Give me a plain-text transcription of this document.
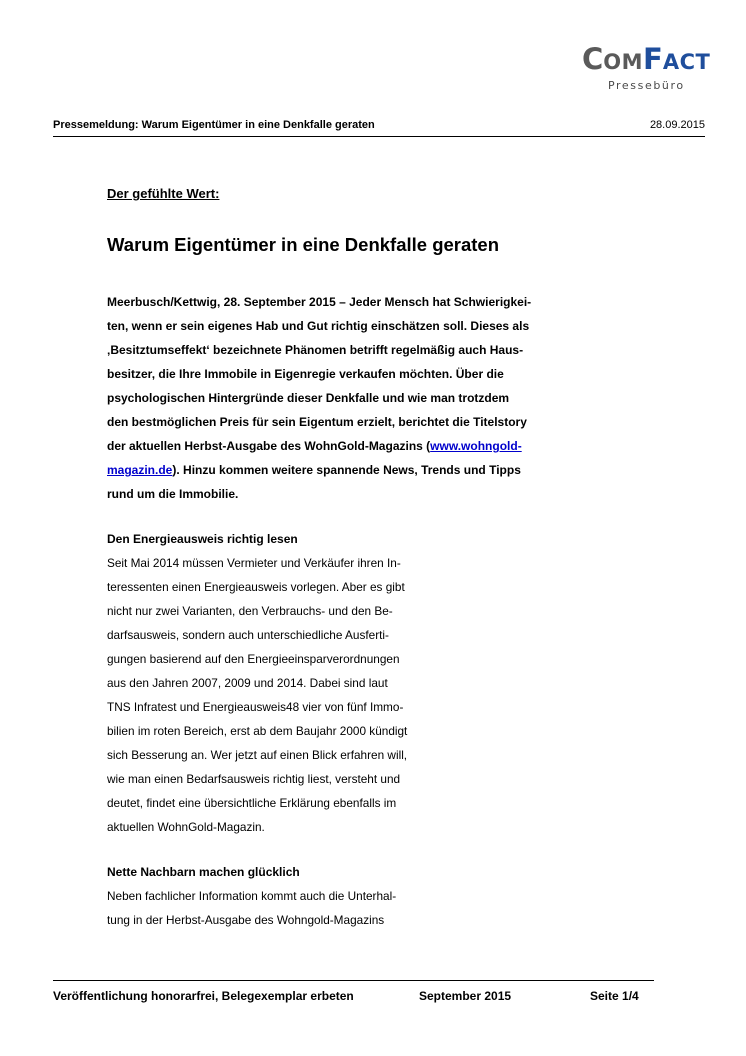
COMFACT
Pressebüro
Pressemeldung: Warum Eigentümer in eine Denkfalle geraten	28.09.2015
Der gefühlte Wert:
Warum Eigentümer in eine Denkfalle geraten
Meerbusch/Kettwig, 28. September 2015 – Jeder Mensch hat Schwierigkei-
ten, wenn er sein eigenes Hab und Gut richtig einschätzen soll. Dieses als
‚Besitztumseffekt‘ bezeichnete Phänomen betrifft regelmäßig auch Haus-
besitzer, die Ihre Immobile in Eigenregie verkaufen möchten. Über die
psychologischen Hintergründe dieser Denkfalle und wie man trotzdem
den bestmöglichen Preis für sein Eigentum erzielt, berichtet die Titelstory
der aktuellen Herbst-Ausgabe des WohnGold-Magazins (www.wohngold-
magazin.de). Hinzu kommen weitere spannende News, Trends und Tipps
rund um die Immobilie.
Den Energieausweis richtig lesen
Seit Mai 2014 müssen Vermieter und Verkäufer ihren In-
teressenten einen Energieausweis vorlegen. Aber es gibt
nicht nur zwei Varianten, den Verbrauchs- und den Be-
darfsausweis, sondern auch unterschiedliche Ausferti-
gungen basierend auf den Energieeinsparverordnungen
aus den Jahren 2007, 2009 und 2014. Dabei sind laut
TNS Infratest und Energieausweis48 vier von fünf Immo-
bilien im roten Bereich, erst ab dem Baujahr 2000 kündigt
sich Besserung an. Wer jetzt auf einen Blick erfahren will,
wie man einen Bedarfsausweis richtig liest, versteht und
deutet, findet eine übersichtliche Erklärung ebenfalls im
aktuellen WohnGold-Magazin.
Nette Nachbarn machen glücklich
Neben fachlicher Information kommt auch die Unterhal-
tung in der Herbst-Ausgabe des Wohngold-Magazins
Veröffentlichung honorarfrei, Belegexemplar erbeten	September 2015	Seite 1/4
